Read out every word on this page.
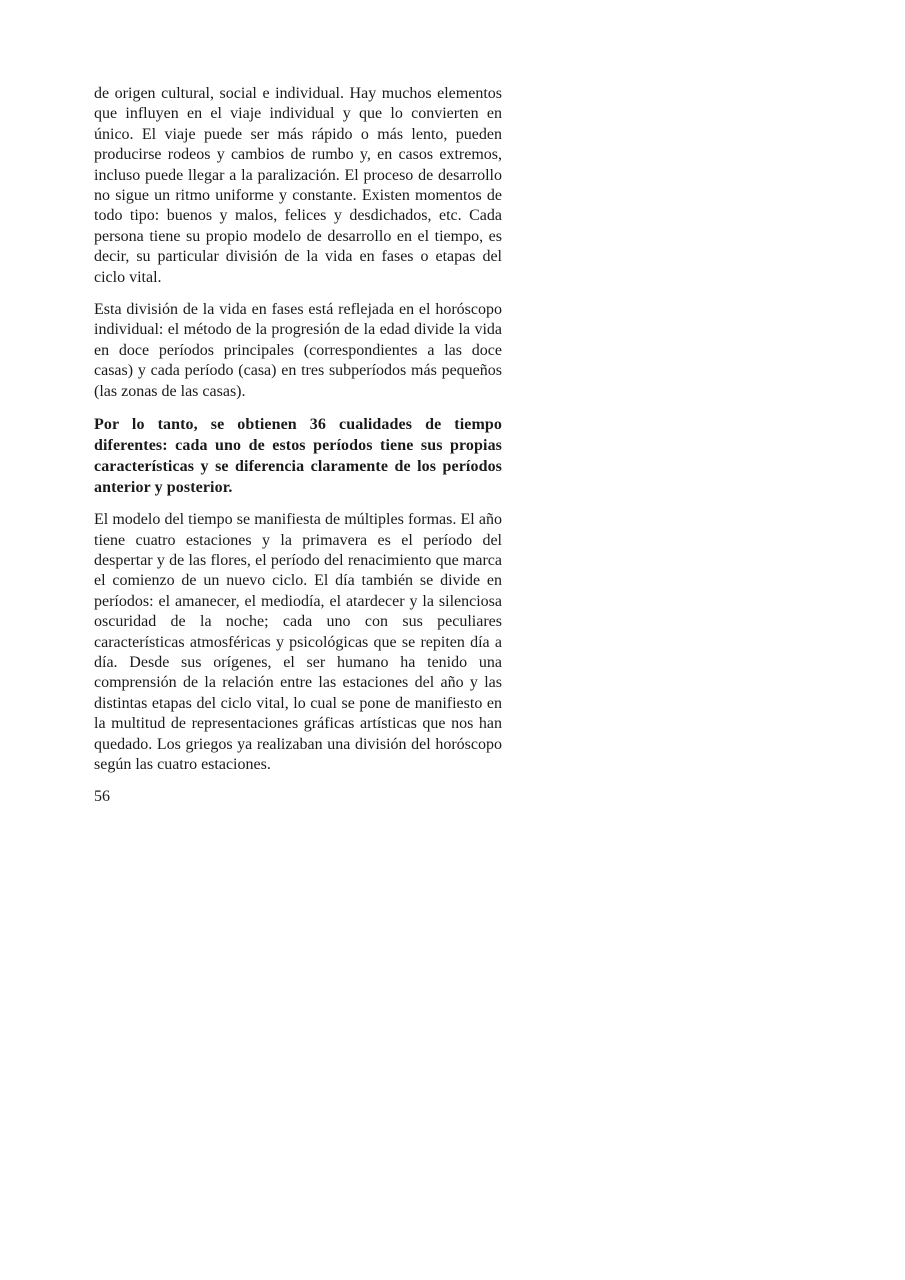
de origen cultural, social e individual. Hay muchos elementos que influyen en el viaje individual y que lo convierten en único. El viaje puede ser más rápido o más lento, pueden producirse rodeos y cambios de rumbo y, en casos extremos, incluso puede llegar a la paralización. El proceso de desarrollo no sigue un ritmo uniforme y constante. Existen momentos de todo tipo: buenos y malos, felices y desdichados, etc. Cada persona tiene su propio modelo de desarrollo en el tiempo, es decir, su particular división de la vida en fases o etapas del ciclo vital.

Esta división de la vida en fases está reflejada en el horóscopo individual: el método de la progresión de la edad divide la vida en doce períodos principales (correspondientes a las doce casas) y cada período (casa) en tres subperíodos más pequeños (las zonas de las casas).

Por lo tanto, se obtienen 36 cualidades de tiempo diferentes: cada uno de estos períodos tiene sus propias características y se diferencia claramente de los períodos anterior y posterior.

El modelo del tiempo se manifiesta de múltiples formas. El año tiene cuatro estaciones y la primavera es el período del despertar y de las flores, el período del renacimiento que marca el comienzo de un nuevo ciclo. El día también se divide en períodos: el amanecer, el mediodía, el atardecer y la silenciosa oscuridad de la noche; cada uno con sus peculiares características atmosféricas y psicológicas que se repiten día a día. Desde sus orígenes, el ser humano ha tenido una comprensión de la relación entre las estaciones del año y las distintas etapas del ciclo vital, lo cual se pone de manifiesto en la multitud de representaciones gráficas artísticas que nos han quedado. Los griegos ya realizaban una división del horóscopo según las cuatro estaciones.

56
